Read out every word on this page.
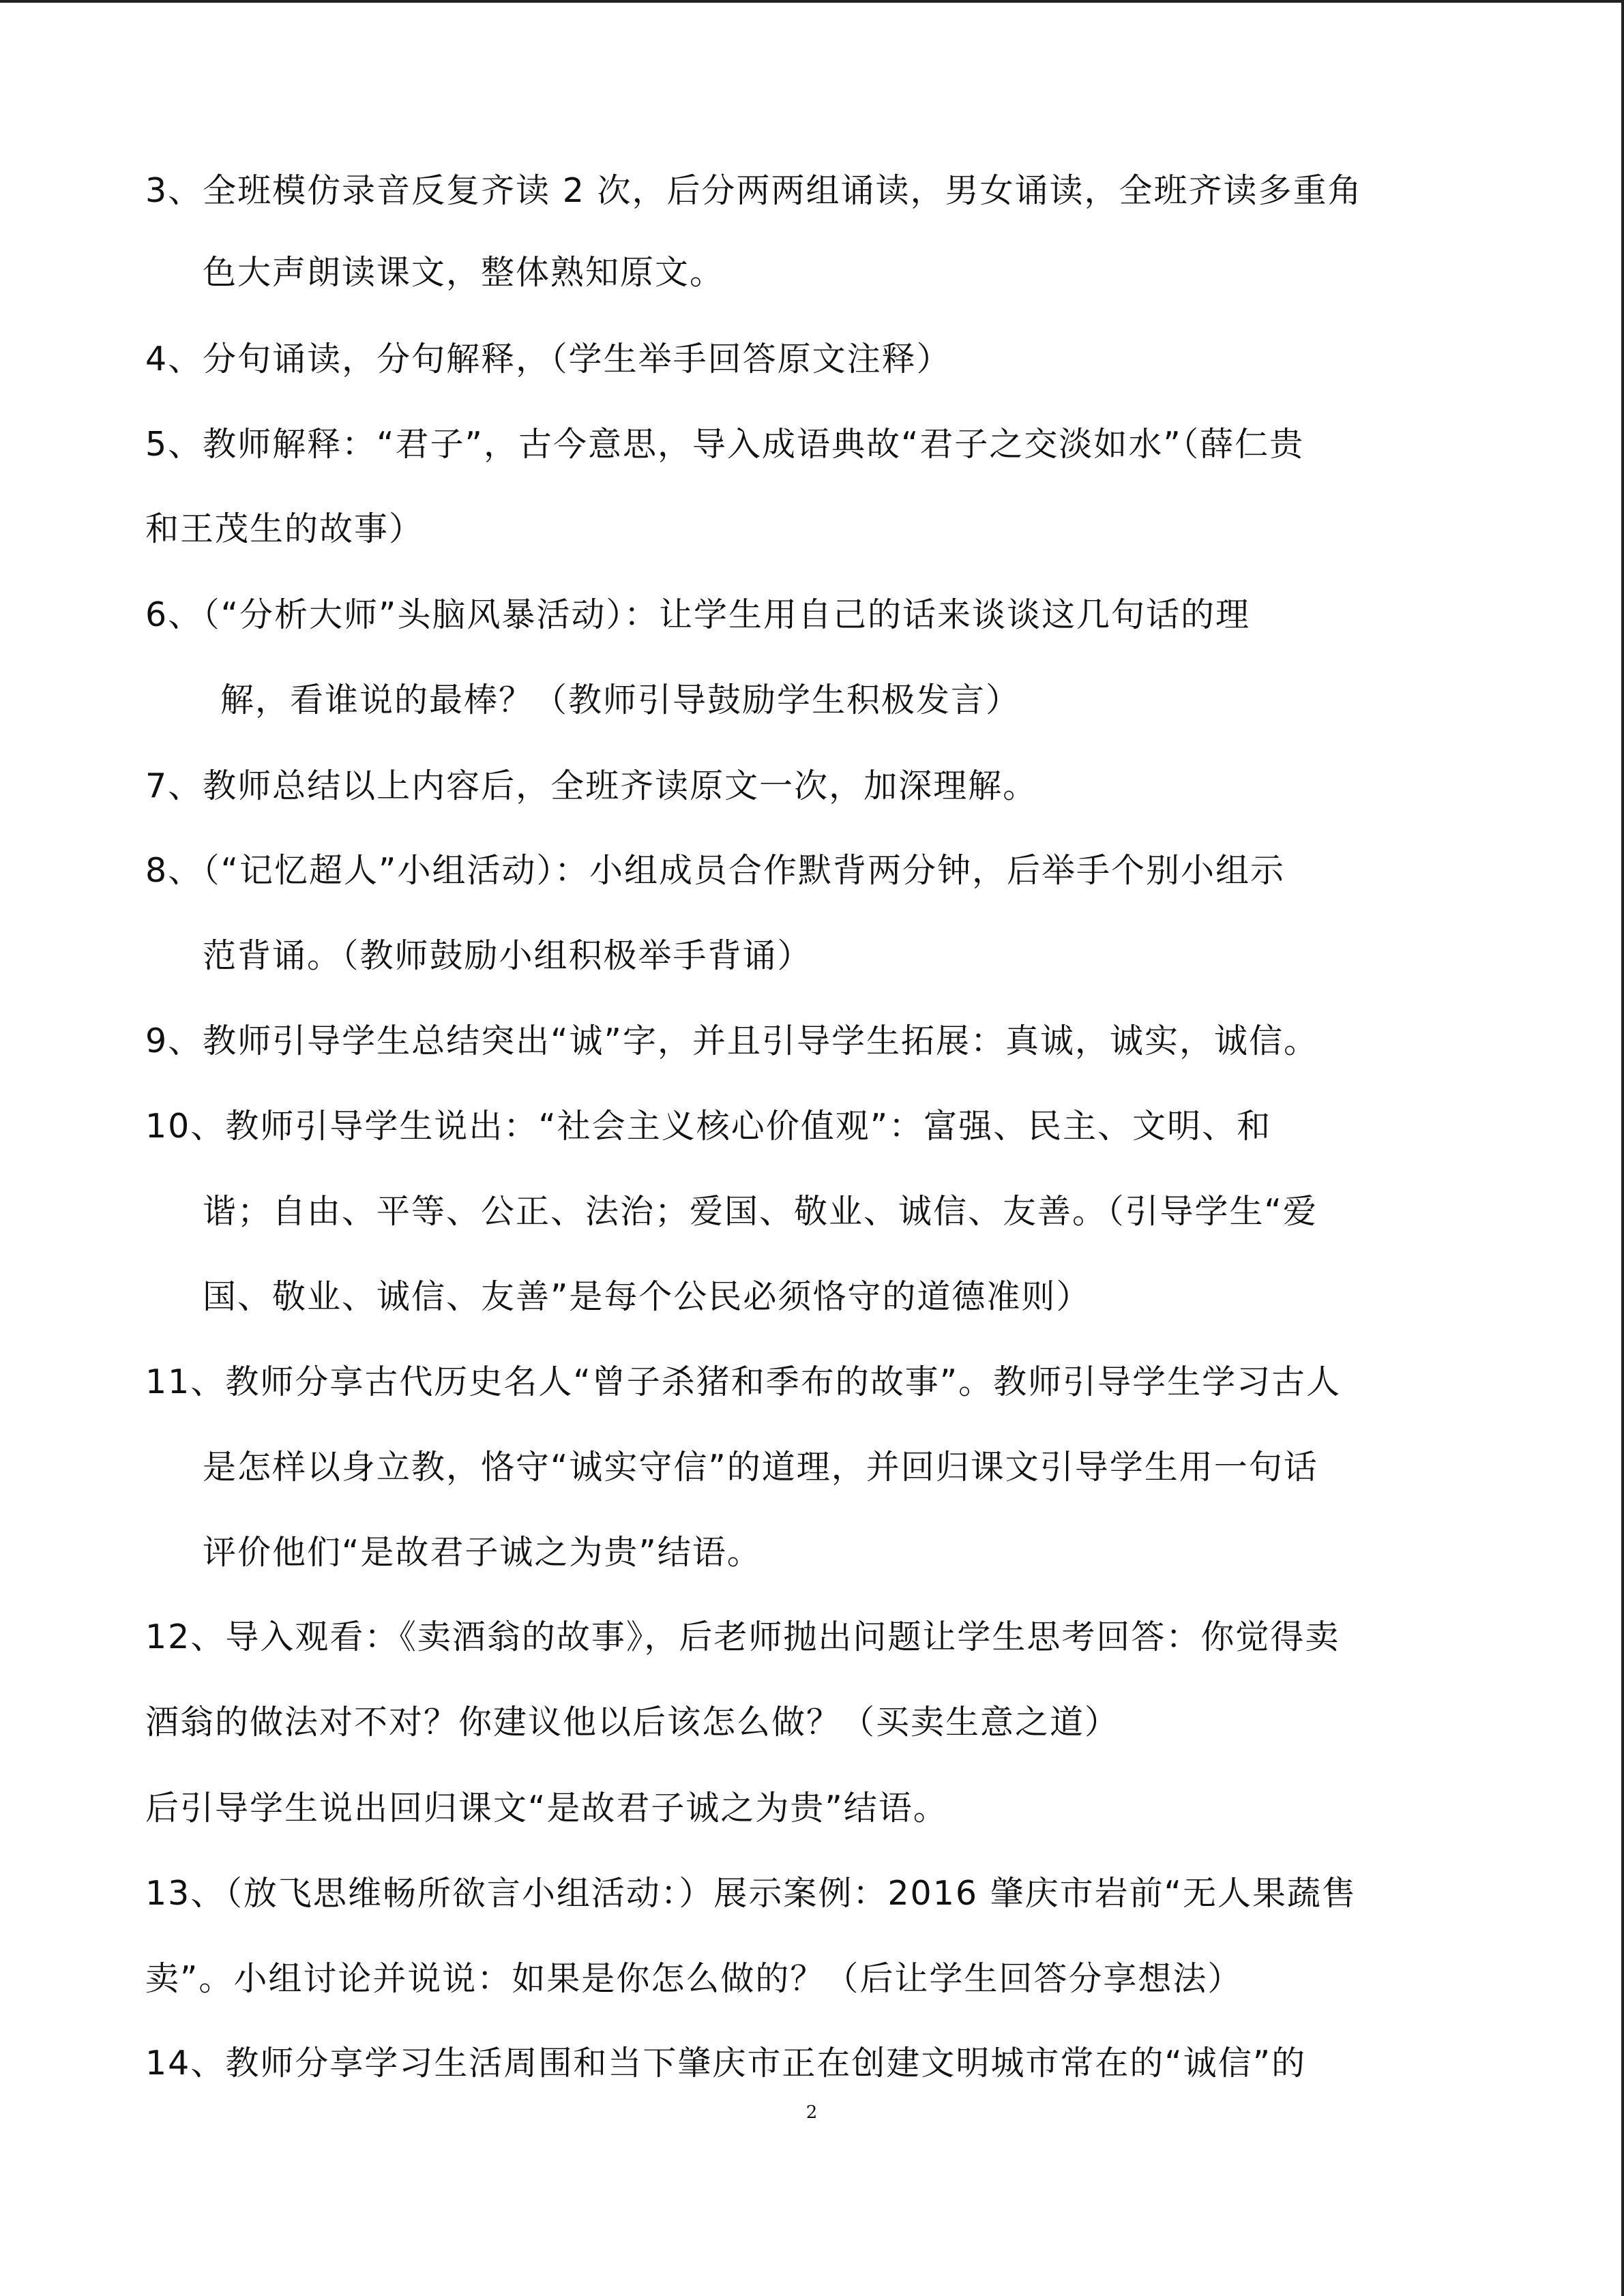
3、全班模仿录音反复齐读 2 次，后分两两组诵读，男女诵读，全班齐读多重角
色大声朗读课文，整体熟知原文。
4、分句诵读，分句解释，（学生举手回答原文注释）
5、教师解释：“君子”，古今意思，导入成语典故“君子之交淡如水”（薛仁贵
和王茂生的故事）
6、（“分析大师”头脑风暴活动）：让学生用自己的话来谈谈这几句话的理
解，看谁说的最棒？（教师引导鼓励学生积极发言）
7、教师总结以上内容后，全班齐读原文一次，加深理解。
8、（“记忆超人”小组活动）：小组成员合作默背两分钟，后举手个别小组示
范背诵。（教师鼓励小组积极举手背诵）
9、教师引导学生总结突出“诚”字，并且引导学生拓展：真诚，诚实，诚信。
10、教师引导学生说出：“社会主义核心价值观”：富强、民主、文明、和
谐；自由、平等、公正、法治；爱国、敬业、诚信、友善。（引导学生“爱
国、敬业、诚信、友善”是每个公民必须恪守的道德准则）
11、教师分享古代历史名人“曾子杀猪和季布的故事”。教师引导学生学习古人
是怎样以身立教，恪守“诚实守信”的道理，并回归课文引导学生用一句话
评价他们“是故君子诚之为贵”结语。
12、导入观看：《卖酒翁的故事》，后老师抛出问题让学生思考回答：你觉得卖
酒翁的做法对不对？你建议他以后该怎么做？（买卖生意之道）
后引导学生说出回归课文“是故君子诚之为贵”结语。
13、（放飞思维畅所欲言小组活动：）展示案例：2016 肇庆市岩前“无人果蔬售
卖”。小组讨论并说说：如果是你怎么做的？（后让学生回答分享想法）
14、教师分享学习生活周围和当下肇庆市正在创建文明城市常在的“诚信”的
2
